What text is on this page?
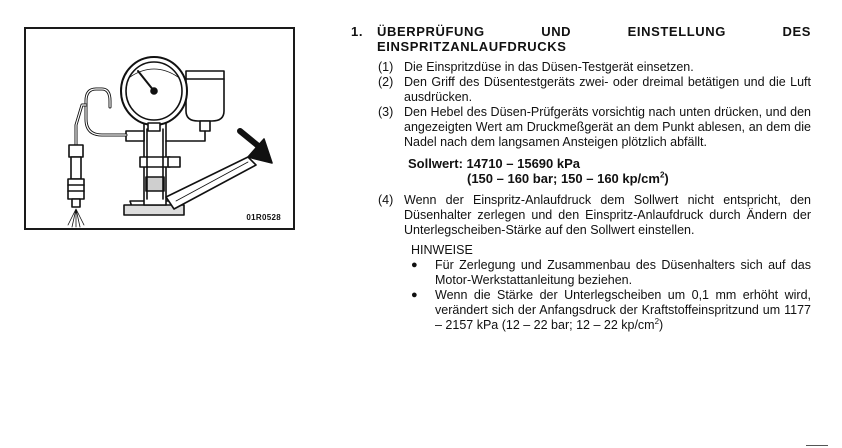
01R0528
1.	ÜBERPRÜFUNG UND EINSTELLUNG DES EINSPRITZANLAUFDRUCKS
(1) Die Einspritzdüse in das Düsen-Testgerät einsetzen.
(2) Den Griff des Düsentestgeräts zwei- oder dreimal betätigen und die Luft ausdrücken.
(3) Den Hebel des Düsen-Prüfgeräts vorsichtig nach unten drücken, und den angezeigten Wert am Druckmeßgerät an dem Punkt ablesen, an dem die Nadel nach dem langsamen Ansteigen plötzlich abfällt.
Sollwert: 14710 – 15690 kPa
(150 – 160 bar; 150 – 160 $kp/cm^2$)
(4) Wenn der Einspritz-Anlaufdruck dem Sollwert nicht entspricht, den Düsenhalter zerlegen und den Einspritz-Anlaufdruck durch Ändern der Unterlegscheiben-Stärke auf den Sollwert einstellen.
HINWEISE
●	Für Zerlegung und Zusammenbau des Düsenhalters sich auf das Motor-Werkstattanleitung beziehen.
●	Wenn die Stärke der Unterlegscheiben um 0,1 mm erhöht wird, verändert sich der Anfangsdruck der Kraftstoffeinspritzund um 1177 – 2157 kPa (12 – 22 bar; 12 – 22 $kp/cm^2$)
